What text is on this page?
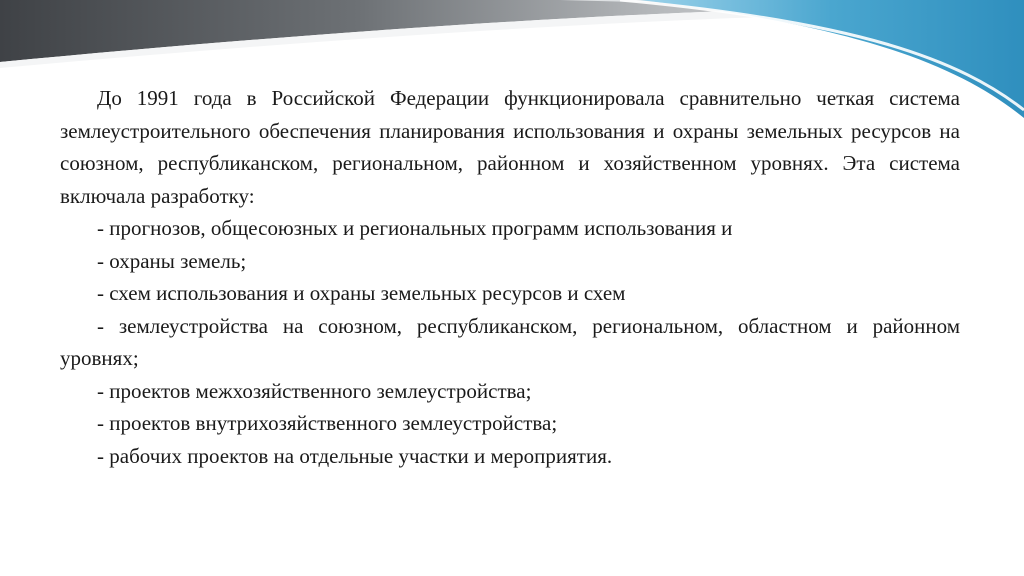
До 1991 года в Российской Федерации функционировала сравнительно четкая система землеустроительного обеспечения планирования использования и охраны земельных ресурсов на союзном, республиканском, региональном, районном и хозяйственном уровнях. Эта система включала разработку:

- прогнозов, общесоюзных и региональных программ использования и

- охраны земель;

- схем использования и охраны земельных ресурсов и схем

- землеустройства на союзном, республиканском, региональном, областном и районном уровнях;

- проектов межхозяйственного землеустройства;

- проектов внутрихозяйственного землеустройства;

- рабочих проектов на отдельные участки и мероприятия.
